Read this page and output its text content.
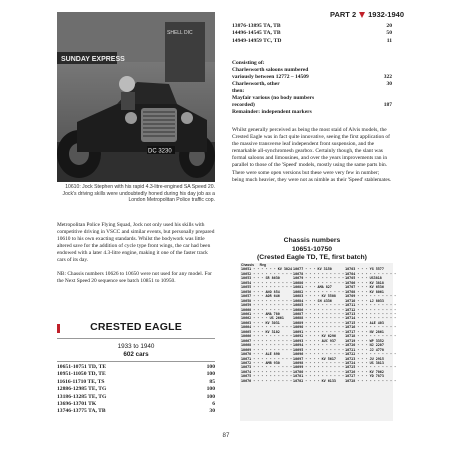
PART 2 1932-1940
SHELL DIC
SUNDAY EXPRESS
DC 3230
10610: Jock Stephen with his rapid 4.3-litre-engined SA Speed 20. Jock's driving skills were undoubtedly honed during his day job as a London Metropolitan Police traffic cop.

Metropolitan Police Flying Squad, Jock not only used his skills with competitive driving in VSCC and similar events, but personally prepared 10610 to his own exacting standards. Whilst the bodywork was little altered save for the addition of cycle type front wings, the car had been endowed with a later 4.3-litre engine, making it one of the faster track cars of its day.

NB: Chassis numbers 10626 to 10650 were not used for any model. For the Next Speed 20 sequence see batch 10851 to 10950.

CRESTED EAGLE
1933 to 1940
602 cars
10651-10751 TD, TE	100
10951-11050 TD, TE	100
11616-11710 TE, TS	85
12886-12985 TE, TG	100
13186-13285 TE, TG	100
13696-13701 TK	6
13746-13775 TA, TB	30
13876-13895 TA, TB	20
14496-14545 TA, TB	50
14949-14959 TC, TD	11
Consisting of:
Charlesworth saloons numbered
variously between 12772 – 14509	322
Charlesworth, other	30
then:
Mayfair various (no body numbers
recorded)	187
Remainder: independent markers

Whilst generally perceived as being the most staid of Alvis models, the Crested Eagle was in fact quite innovative, seeing the first application of the massive transverse leaf independent front suspension, and the remarkable all-synchromesh gearbox. Certainly though, the slant was formal saloons and limousines, and over the years improvements ran in parallel to those of the 'Speed' models, mostly using the same parts bin. There were some open versions but these were very few in number; being much heavier, they were not as nimble as their 'Speed' stablemates.

Chassis numbers
10651-10750
(Crested Eagle TD, TE, first batch)
Chassis Reg
10651 - - - - - - KV 3024
10652 - - - - - - - - - -
10653 - - - SR 8630
10654 - - - - - - - - - -
10655 - - - - - - - - - -
10656 - - - ANO 854
10657 - - - AOR 646
10658 - - - - - - - - - -
10659 - - - - - - - - - -
10660 - - - - - - - - - -
10661 - - - AMA 780
10662 - - - - US 2661
10663 - - - KV 3031
10664 - - - - - - - - - -
10665 - - - KV 3102
10666 - - - - - - - - - -
10667 - - - - - - - - - -
10668 - - - - - - - - - -
10669 - - - - - - - - - -
10670 - - - ALE 890
10671 - - - - - - - - - -
10672 - - - AMB 930
10673 - - - - - - - - - -
10674 - - - - - - - - - -
10675 - - - - - - - - - -
10676 - - - - - - - - - -

10677 - - - KV 3150
10678 - - - - - - - - - -
10679 - - - - - - - - - -
10680 - - - - - - - - - -
10681 - - - AMA 827
10682 - - - - - - - - - -
10683 - - - - KV 5508
10684 - - - SH 4336
10685 - - - - - - - - - -
10686 - - - - - - - - - -
10687 - - - - - - - - - -
10688 - - - - - - - - - -
10689 - - - - - - - - - -
10690 - - - - - - - - - -
10691 - - - - - - - - - -
10692 - - - - KV 6296
10693 - - - - AUC 937
10694 - - - - - - - - - -
10695 - - - - - - - - - -
10696 - - - - - - - - - -
10697 - - - - KV 5617
10698 - - - - - - - - - -
10699 - - - - - - - - - -
10700 - - - - - - - - - -
10701 - - - - - - - - - -
10702 - - - - KV 6133

10703 - - - YG 5577
10704 - - - - - - - - - -
10705 - - - US3818
10706 - - - KV 3818
10707 - - - KV 6536
10708 - - - KV 8061
10709 - - - - - - - - - -
10710 - - - LJ 8033
10711 - - - - - - - - - -
10712 - - - - - - - - - -
10713 - - - - - - - - - -
10714 - - - - - - - - - -
10715 - - - ALE 403
10716 - - - - - - - - - -
10717 - - - NV 2861
10718 - - - - - - - - - -
10719 - - - WP 3352
10720 - - - NJ 2207
10721 - - - JJ 4770
10722 - - - - - - - - - -
10723 - - - JU 2915
10724 - - - US 3813
10725 - - - - - - - - - -
10726 - - - KV 7062
10727 - - - YD 7873
10728 - - - - - - - - - -
87
